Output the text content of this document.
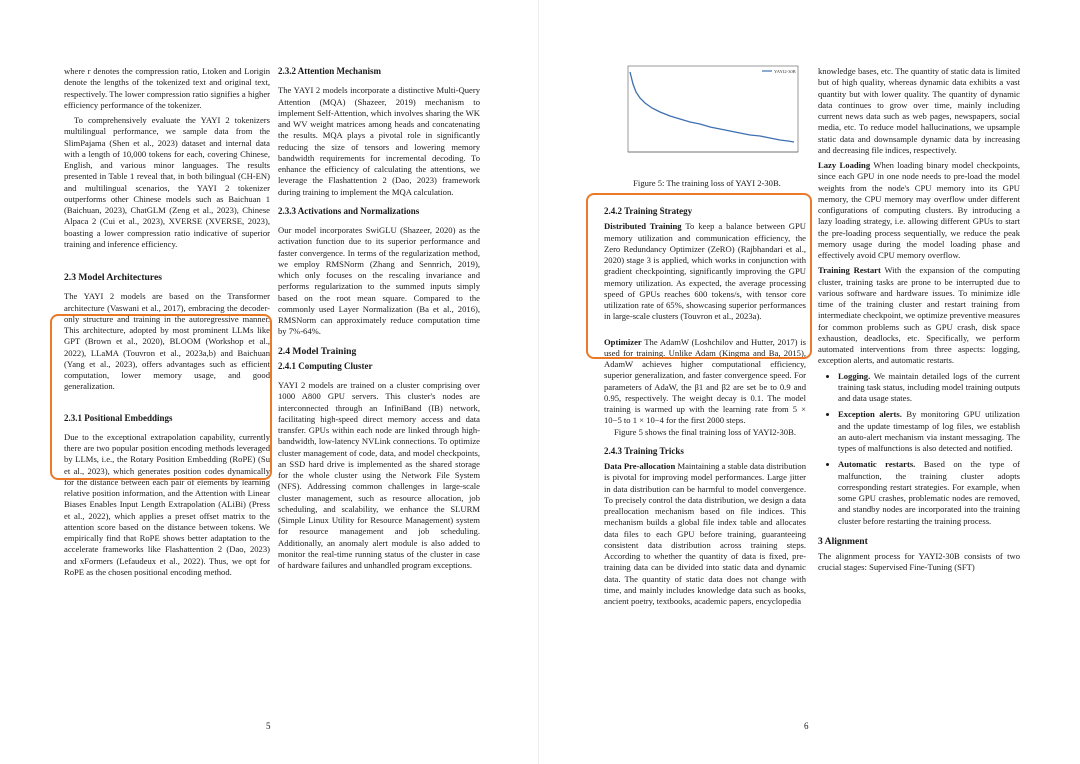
where r denotes the compression ratio, Ltoken and Lorigin denote the lengths of the tokenized text and original text, respectively. The lower compression ratio signifies a higher efficiency performance of the tokenizer.

To comprehensively evaluate the YAYI 2 tokenizers multilingual performance, we sample data from the SlimPajama (Shen et al., 2023) dataset and internal data with a length of 10,000 tokens for each, covering Chinese, English, and various minor languages. The results presented in Table 1 reveal that, in both bilingual (CH-EN) and multilingual scenarios, the YAYI 2 tokenizer outperforms other Chinese models such as Baichuan 1 (Baichuan, 2023), ChatGLM (Zeng et al., 2023), Chinese Alpaca 2 (Cui et al., 2023), XVERSE (XVERSE, 2023), boasting a lower compression ratio indicative of superior training and inference efficiency.

2.3 Model Architectures

The YAYI 2 models are based on the Transformer architecture (Vaswani et al., 2017), embracing the decoder-only structure and training in the autoregressive manner. This architecture, adopted by most prominent LLMs like GPT (Brown et al., 2020), BLOOM (Workshop et al., 2022), LLaMA (Touvron et al., 2023a,b) and Baichuan (Yang et al., 2023), offers advantages such as efficient computation, lower memory usage, and good generalization.

2.3.1 Positional Embeddings

Due to the exceptional extrapolation capability, currently there are two popular position encoding methods leveraged by LLMs, i.e., the Rotary Position Embedding (RoPE) (Su et al., 2023), which generates position codes dynamically for the distance between each pair of elements by learning relative position information, and the Attention with Linear Biases Enables Input Length Extrapolation (ALiBi) (Press et al., 2022), which applies a preset offset matrix to the attention score based on the distance between tokens. We empirically find that RoPE shows better adaptation to the accelerate frameworks like Flashattention 2 (Dao, 2023) and xFormers (Lefaudeux et al., 2022). Thus, we opt for RoPE as the chosen positional encoding method.

2.3.2 Attention Mechanism

The YAYI 2 models incorporate a distinctive Multi-Query Attention (MQA) (Shazeer, 2019) mechanism to implement Self-Attention, which involves sharing the WK and WV weight matrices among heads and concatenating the results. MQA plays a pivotal role in significantly reducing the size of tensors and lowering memory bandwidth requirements for incremental decoding. To enhance the efficiency of calculating the attentions, we leverage the Flashattention 2 (Dao, 2023) framework during training to implement the MQA calculation.

2.3.3 Activations and Normalizations

Our model incorporates SwiGLU (Shazeer, 2020) as the activation function due to its superior performance and faster convergence. In terms of the regularization method, we employ RMSNorm (Zhang and Sennrich, 2019), which only focuses on the rescaling invariance and performs regularization to the summed inputs simply based on the root mean square. Compared to the commonly used Layer Normalization (Ba et al., 2016), RMSNorm can approximately reduce computation time by 7%-64%.

2.4 Model Training
2.4.1 Computing Cluster

YAYI 2 models are trained on a cluster comprising over 1000 A800 GPU servers. This cluster's nodes are interconnected through an InfiniBand (IB) network, facilitating high-speed direct memory access and data transfer. GPUs within each node are linked through high-bandwidth, low-latency NVLink connections. To optimize cluster management of code, data, and model checkpoints, an SSD hard drive is implemented as the shared storage for the whole cluster using the Network File System (NFS). Addressing common challenges in large-scale cluster management, such as resource allocation, job scheduling, and scalability, we enhance the SLURM (Simple Linux Utility for Resource Management) system for resource management and job scheduling. Additionally, an anomaly alert module is also added to monitor the real-time running status of the cluster in case of hardware failures and unhandled program exceptions.

5
YAYI2-30B
Figure 5: The training loss of YAYI 2-30B.
2.4.2 Training Strategy

Distributed Training To keep a balance between GPU memory utilization and communication efficiency, the Zero Redundancy Optimizer (ZeRO) (Rajbhandari et al., 2020) stage 3 is applied, which works in conjunction with gradient checkpointing, significantly improving the GPU memory utilization. As expected, the average processing speed of GPUs reaches 600 tokens/s, with tensor core utilization rate of 65%, showcasing superior performances in large-scale clusters (Touvron et al., 2023a).

Optimizer The AdamW (Loshchilov and Hutter, 2017) is used for training. Unlike Adam (Kingma and Ba, 2015), AdamW achieves higher computational efficiency, superior generalization, and faster convergence speed. For parameters of AdaW, the β1 and β2 are set be to 0.9 and 0.95, respectively. The weight decay is 0.1. The model training is warmed up with the learning rate from 5 × 10−5 to 1 × 10−4 for the first 2000 steps.

Figure 5 shows the final training loss of YAYI2-30B.

2.4.3 Training Tricks

Data Pre-allocation Maintaining a stable data distribution is pivotal for improving model performances. Large jitter in data distribution can be harmful to model convergence. To precisely control the data distribution, we design a data preallocation mechanism based on file indices. This mechanism builds a global file index table and allocates data files to each GPU before training, guaranteeing consistent data distribution across training steps. According to whether the quantity of data is fixed, pre-training data can be divided into static data and dynamic data. The quantity of static data does not change with time, and mainly includes knowledge data such as books, ancient poetry, textbooks, academic papers, encyclopedia

knowledge bases, etc. The quantity of static data is limited but of high quality, whereas dynamic data exhibits a vast quantity but with lower quality. The quantity of dynamic data continues to grow over time, mainly including current news data such as web pages, newspapers, social media, etc. To reduce model hallucinations, we upsample static data and downsample dynamic data by increasing and decreasing file indices, respectively.

Lazy Loading When loading binary model checkpoints, since each GPU in one node needs to pre-load the model weights from the node's CPU memory into its GPU memory, the CPU memory may overflow under different configurations of computing clusters. By introducing a lazy loading strategy, i.e. allowing different GPUs to start the pre-loading process sequentially, we reduce the peak memory usage during the model loading phase and effectively avoid CPU memory overflow.

Training Restart With the expansion of the computing cluster, training tasks are prone to be interrupted due to various software and hardware issues. To minimize idle time of the training cluster and restart training from intermediate checkpoint, we optimize preventive measures for common problems such as GPU crash, disk space exhaustion, deadlocks, etc. Specifically, we perform automated interventions from three aspects: logging, exception alerts, and automatic restarts.

• Logging. We maintain detailed logs of the current training task status, including model training outputs and data usage states.
• Exception alerts. By monitoring GPU utilization and the update timestamp of log files, we establish an auto-alert mechanism via instant messaging. The types of malfunctions is also detected and notified.
• Automatic restarts. Based on the type of malfunction, the training cluster adopts corresponding restart strategies. For example, when some GPU crashes, problematic nodes are removed, and standby nodes are incorporated into the training cluster before restarting the training process.
3 Alignment

The alignment process for YAYI2-30B consists of two crucial stages: Supervised Fine-Tuning (SFT)

6
